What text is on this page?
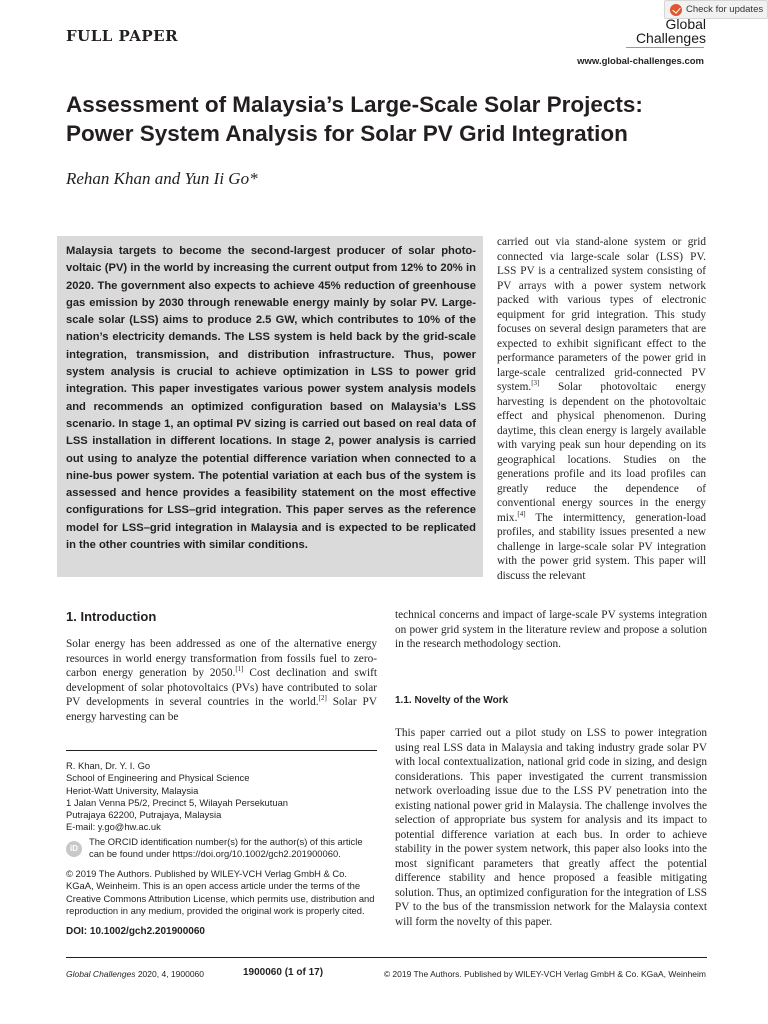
FULL PAPER
Check for updates
Global
Challenges
www.global-challenges.com
Assessment of Malaysia’s Large-Scale Solar Projects: Power System Analysis for Solar PV Grid Integration
Rehan Khan and Yun Ii Go*
Malaysia targets to become the second-largest producer of solar photovoltaic (PV) in the world by increasing the current output from 12% to 20% in 2020. The government also expects to achieve 45% reduction of greenhouse gas emission by 2030 through renewable energy mainly by solar PV. Large-scale solar (LSS) aims to produce 2.5 GW, which contributes to 10% of the nation’s electricity demands. The LSS system is held back by the grid-scale integration, transmission, and distribution infrastructure. Thus, power system analysis is crucial to achieve optimization in LSS to power grid integration. This paper investigates various power system analysis models and recommends an optimized configuration based on Malaysia’s LSS scenario. In stage 1, an optimal PV sizing is carried out based on real data of LSS installation in different locations. In stage 2, power analysis is carried out using to analyze the potential difference variation when connected to a nine-bus power system. The potential variation at each bus of the system is assessed and hence provides a feasibility statement on the most effective configurations for LSS–grid integration. This paper serves as the reference model for LSS–grid integration in Malaysia and is expected to be replicated in the other countries with similar conditions.
carried out via stand-alone system or grid connected via large-scale solar (LSS) PV. LSS PV is a centralized system consisting of PV arrays with a power system network packed with various types of electronic equipment for grid integration. This study focuses on several design parameters that are expected to exhibit significant effect to the performance parameters of the power grid in large-scale centralized grid-connected PV system.[3] Solar photovoltaic energy harvesting is dependent on the photovoltaic effect and physical phenomenon. During daytime, this clean energy is largely available with varying peak sun hour depending on its geographical locations. Studies on the generations profile and its load profiles can greatly reduce the dependence of conventional energy sources in the energy mix.[4] The intermittency, generation-load profiles, and stability issues presented a new challenge in large-scale solar PV integration with the power grid system. This paper will discuss the relevant
technical concerns and impact of large-scale PV systems integration on power grid system in the literature review and propose a solution in the research methodology section.
1.1. Novelty of the Work
This paper carried out a pilot study on LSS to power integration using real LSS data in Malaysia and taking industry grade solar PV with local contextualization, national grid code in sizing, and design considerations. This paper investigated the current transmission network overloading issue due to the LSS PV penetration into the existing national power grid in Malaysia. The challenge involves the selection of appropriate bus system for analysis and its impact to potential difference variation at each bus. In order to achieve stability in the power system network, this paper also looks into the most significant parameters that greatly affect the potential difference stability and hence proposed a feasible mitigating solution. Thus, an optimized configuration for the integration of LSS PV to the bus of the transmission network for the Malaysia context will form the novelty of this paper.
1. Introduction
Solar energy has been addressed as one of the alternative energy resources in world energy transformation from fossils fuel to zero-carbon energy generation by 2050.[1] Cost declination and swift development of solar photovoltaics (PVs) have contributed to solar PV developments in several countries in the world.[2] Solar PV energy harvesting can be
R. Khan, Dr. Y. I. Go
School of Engineering and Physical Science
Heriot-Watt University, Malaysia
1 Jalan Venna P5/2, Precinct 5, Wilayah Persekutuan
Putrajaya 62200, Putrajaya, Malaysia
E-mail: y.go@hw.ac.uk
iD
The ORCID identification number(s) for the author(s) of this article can be found under https://doi.org/10.1002/gch2.201900060.
© 2019 The Authors. Published by WILEY-VCH Verlag GmbH & Co. KGaA, Weinheim. This is an open access article under the terms of the Creative Commons Attribution License, which permits use, distribution and reproduction in any medium, provided the original work is properly cited.
DOI: 10.1002/gch2.201900060
Global Challenges 2020, 4, 1900060	1900060 (1 of 17)	© 2019 The Authors. Published by WILEY-VCH Verlag GmbH & Co. KGaA, Weinheim
